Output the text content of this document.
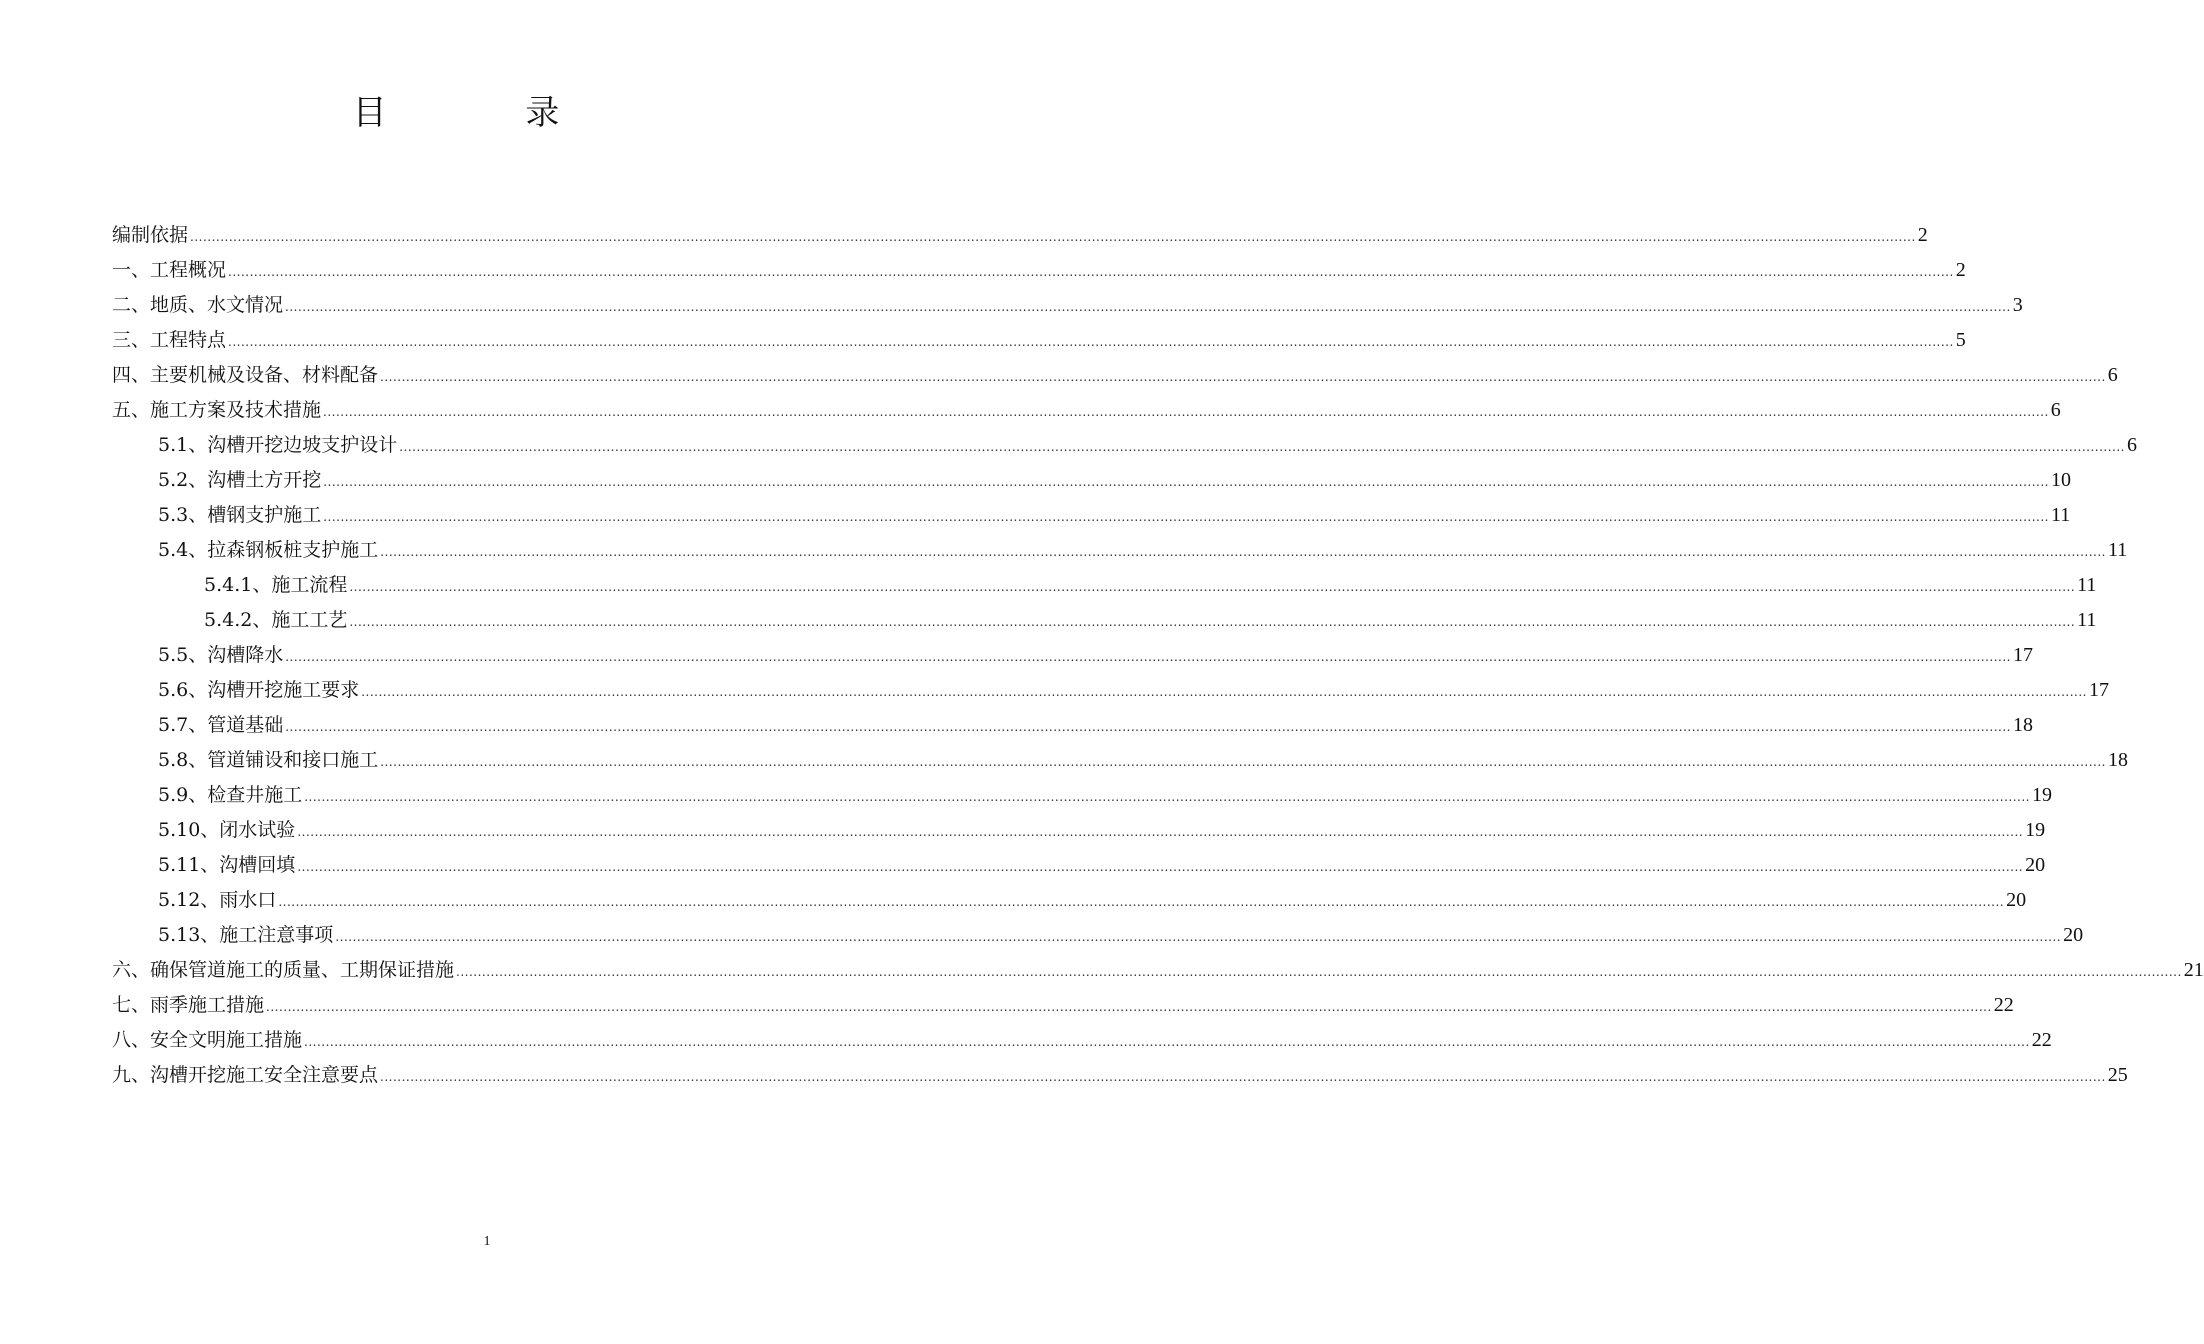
目 录
编制依据 ................................................................................................................................................................................................................................................................................................................................................................................................................ 2
一、工程概况 ................................................................................................................................................................................................................................................................................................................................................................................................................ 2
二、地质、水文情况 ................................................................................................................................................................................................................................................................................................................................................................................................................ 3
三、工程特点 ................................................................................................................................................................................................................................................................................................................................................................................................................ 5
四、主要机械及设备、材料配备 ................................................................................................................................................................................................................................................................................................................................................................................................................ 6
五、施工方案及技术措施 ................................................................................................................................................................................................................................................................................................................................................................................................................ 6
5.1、沟槽开挖边坡支护设计 ................................................................................................................................................................................................................................................................................................................................................................................................................ 6
5.2、沟槽土方开挖 ................................................................................................................................................................................................................................................................................................................................................................................................................ 10
5.3、槽钢支护施工 ................................................................................................................................................................................................................................................................................................................................................................................................................ 11
5.4、拉森钢板桩支护施工 ................................................................................................................................................................................................................................................................................................................................................................................................................ 11
5.4.1、施工流程 ................................................................................................................................................................................................................................................................................................................................................................................................................ 11
5.4.2、施工工艺 ................................................................................................................................................................................................................................................................................................................................................................................................................ 11
5.5、沟槽降水 ................................................................................................................................................................................................................................................................................................................................................................................................................ 17
5.6、沟槽开挖施工要求 ................................................................................................................................................................................................................................................................................................................................................................................................................ 17
5.7、管道基础 ................................................................................................................................................................................................................................................................................................................................................................................................................ 18
5.8、管道铺设和接口施工 ................................................................................................................................................................................................................................................................................................................................................................................................................ 18
5.9、检查井施工 ................................................................................................................................................................................................................................................................................................................................................................................................................ 19
5.10、闭水试验 ................................................................................................................................................................................................................................................................................................................................................................................................................ 19
5.11、沟槽回填 ................................................................................................................................................................................................................................................................................................................................................................................................................ 20
5.12、雨水口 ................................................................................................................................................................................................................................................................................................................................................................................................................ 20
5.13、施工注意事项 ................................................................................................................................................................................................................................................................................................................................................................................................................ 20
六、确保管道施工的质量、工期保证措施 ................................................................................................................................................................................................................................................................................................................................................................................................................ 21
七、雨季施工措施 ................................................................................................................................................................................................................................................................................................................................................................................................................ 22
八、安全文明施工措施 ................................................................................................................................................................................................................................................................................................................................................................................................................ 22
九、沟槽开挖施工安全注意要点 ................................................................................................................................................................................................................................................................................................................................................................................................................ 25
1
